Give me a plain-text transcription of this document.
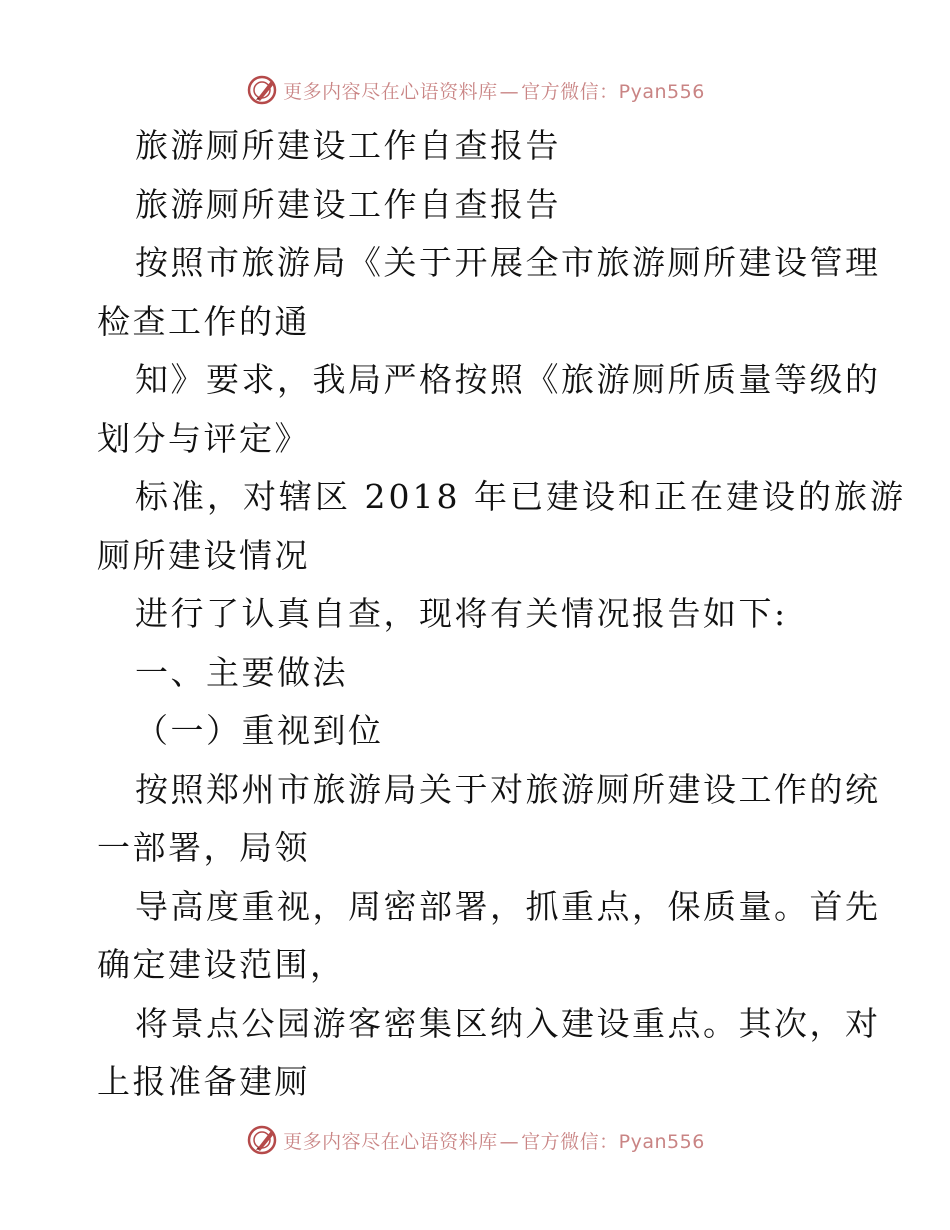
更多内容尽在心语资料库 — 官方微信：Pyan556
旅游厕所建设工作自查报告
旅游厕所建设工作自查报告
按照市旅游局《关于开展全市旅游厕所建设管理
检查工作的通
知》要求，我局严格按照《旅游厕所质量等级的
划分与评定》
标准，对辖区 2018 年已建设和正在建设的旅游
厕所建设情况
进行了认真自查，现将有关情况报告如下:
一、主要做法
（一）重视到位
按照郑州市旅游局关于对旅游厕所建设工作的统
一部署，局领
导高度重视，周密部署，抓重点，保质量。首先
确定建设范围，
将景点公园游客密集区纳入建设重点。其次，对
上报准备建厕
更多内容尽在心语资料库 — 官方微信：Pyan556
